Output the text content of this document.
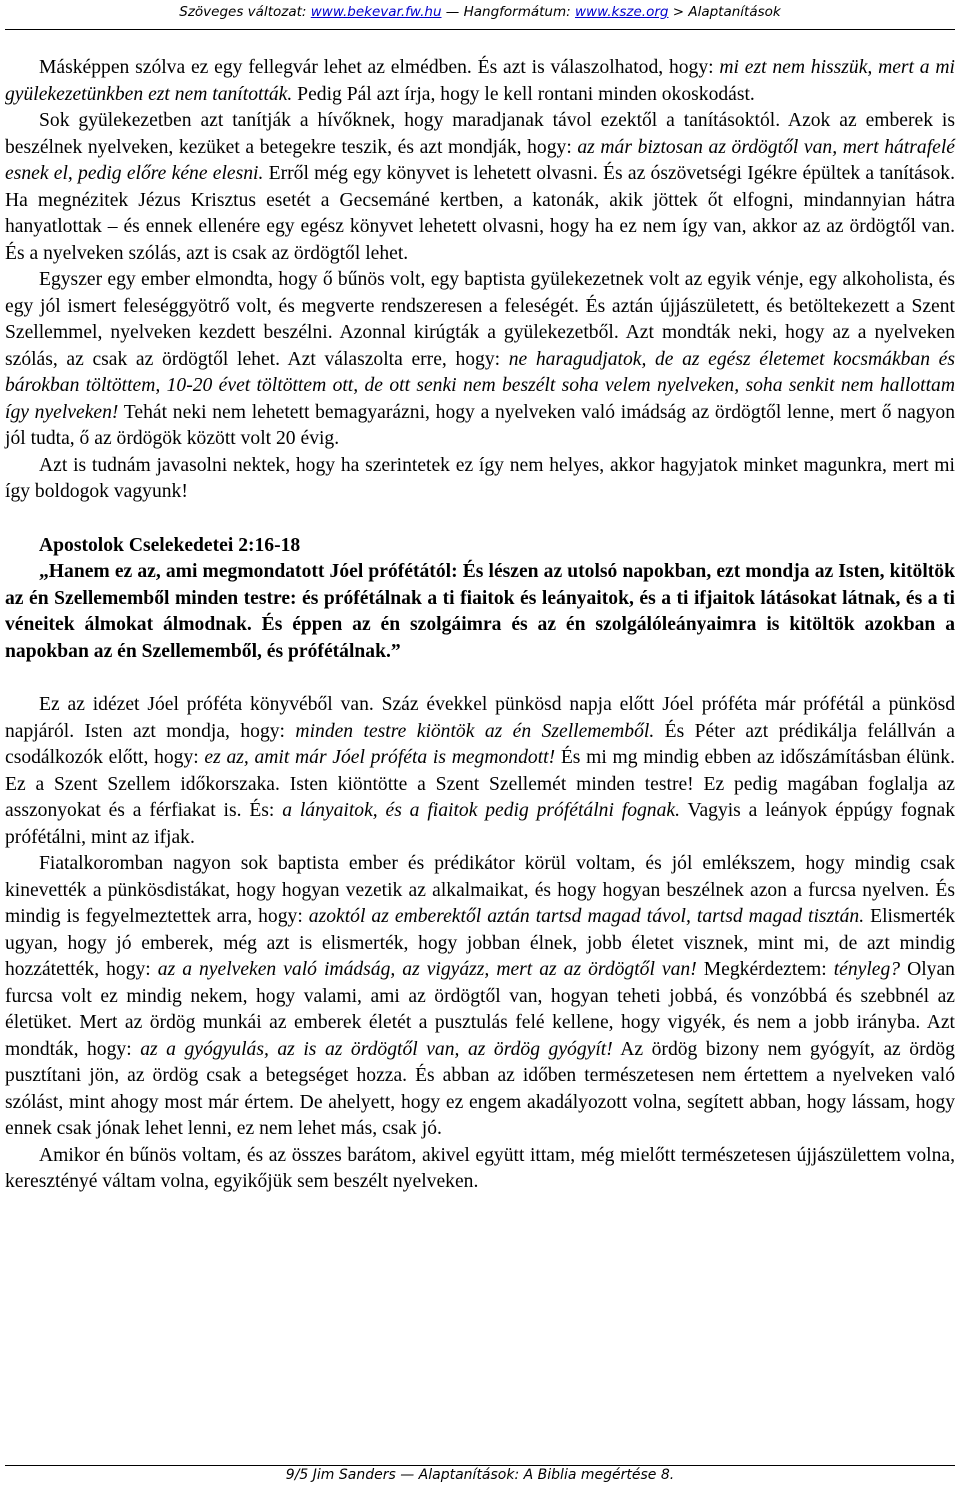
Szöveges változat: www.bekevar.fw.hu — Hangformátum: www.ksze.org > Alaptanítások

Másképpen szólva ez egy fellegvár lehet az elmédben. És azt is válaszolhatod, hogy: mi ezt nem hisszük, mert a mi gyülekezetünkben ezt nem tanították. Pedig Pál azt írja, hogy le kell rontani minden okoskodást.

Sok gyülekezetben azt tanítják a hívőknek, hogy maradjanak távol ezektől a tanításoktól. Azok az emberek is beszélnek nyelveken, kezüket a betegekre teszik, és azt mondják, hogy: az már biztosan az ördögtől van, mert hátrafelé esnek el, pedig előre kéne elesni. Erről még egy könyvet is lehetett olvasni. És az ószövetségi Igékre épültek a tanítások. Ha megnézitek Jézus Krisztus esetét a Gecsemáné kertben, a katonák, akik jöttek őt elfogni, mindannyian hátra hanyatlottak – és ennek ellenére egy egész könyvet lehetett olvasni, hogy ha ez nem így van, akkor az az ördögtől van. És a nyelveken szólás, azt is csak az ördögtől lehet.

Egyszer egy ember elmondta, hogy ő bűnös volt, egy baptista gyülekezetnek volt az egyik vénje, egy alkoholista, és egy jól ismert feleséggyötrő volt, és megverte rendszeresen a feleségét. És aztán újjászületett, és betöltekezett a Szent Szellemmel, nyelveken kezdett beszélni. Azonnal kirúgták a gyülekezetből. Azt mondták neki, hogy az a nyelveken szólás, az csak az ördögtől lehet. Azt válaszolta erre, hogy: ne haragudjatok, de az egész életemet kocsmákban és bárokban töltöttem, 10-20 évet töltöttem ott, de ott senki nem beszélt soha velem nyelveken, soha senkit nem hallottam így nyelveken! Tehát neki nem lehetett bemagyarázni, hogy a nyelveken való imádság az ördögtől lenne, mert ő nagyon jól tudta, ő az ördögök között volt 20 évig.

Azt is tudnám javasolni nektek, hogy ha szerintetek ez így nem helyes, akkor hagyjatok minket magunkra, mert mi így boldogok vagyunk!

Apostolok Cselekedetei 2:16-18

„Hanem ez az, ami megmondatott Jóel prófétától: És lészen az utolsó napokban, ezt mondja az Isten, kitöltök az én Szellememből minden testre: és prófétálnak a ti fiaitok és leányaitok, és a ti ifjaitok látásokat látnak, és a ti véneitek álmokat álmodnak. És éppen az én szolgáimra és az én szolgálóleányaimra is kitöltök azokban a napokban az én Szellememből, és prófétálnak.”

Ez az idézet Jóel próféta könyvéből van. Száz évekkel pünkösd napja előtt Jóel próféta már prófétál a pünkösd napjáról. Isten azt mondja, hogy: minden testre kiöntök az én Szellememből. És Péter azt prédikálja felállván a csodálkozók előtt, hogy: ez az, amit már Jóel próféta is megmondott! És mi mg mindig ebben az időszámításban élünk. Ez a Szent Szellem időkorszaka. Isten kiöntötte a Szent Szellemét minden testre! Ez pedig magában foglalja az asszonyokat és a férfiakat is. És: a lányaitok, és a fiaitok pedig prófétálni fognak. Vagyis a leányok éppúgy fognak prófétálni, mint az ifjak.

Fiatalkoromban nagyon sok baptista ember és prédikátor körül voltam, és jól emlékszem, hogy mindig csak kinevették a pünkösdistákat, hogy hogyan vezetik az alkalmaikat, és hogy hogyan beszélnek azon a furcsa nyelven. És mindig is fegyelmeztettek arra, hogy: azoktól az emberektől aztán tartsd magad távol, tartsd magad tisztán. Elismerték ugyan, hogy jó emberek, még azt is elismerték, hogy jobban élnek, jobb életet visznek, mint mi, de azt mindig hozzátették, hogy: az a nyelveken való imádság, az vigyázz, mert az az ördögtől van! Megkérdeztem: tényleg? Olyan furcsa volt ez mindig nekem, hogy valami, ami az ördögtől van, hogyan teheti jobbá, és vonzóbbá és szebbnél az életüket. Mert az ördög munkái az emberek életét a pusztulás felé kellene, hogy vigyék, és nem a jobb irányba. Azt mondták, hogy: az a gyógyulás, az is az ördögtől van, az ördög gyógyít! Az ördög bizony nem gyógyít, az ördög pusztítani jön, az ördög csak a betegséget hozza. És abban az időben természetesen nem értettem a nyelveken való szólást, mint ahogy most már értem. De ahelyett, hogy ez engem akadályozott volna, segített abban, hogy lássam, hogy ennek csak jónak lehet lenni, ez nem lehet más, csak jó.

Amikor én bűnös voltam, és az összes barátom, akivel együtt ittam, még mielőtt természetesen újjászülettem volna, keresztényé váltam volna, egyikőjük sem beszélt nyelveken.

9/5 Jim Sanders — Alaptanítások: A Biblia megértése 8.
